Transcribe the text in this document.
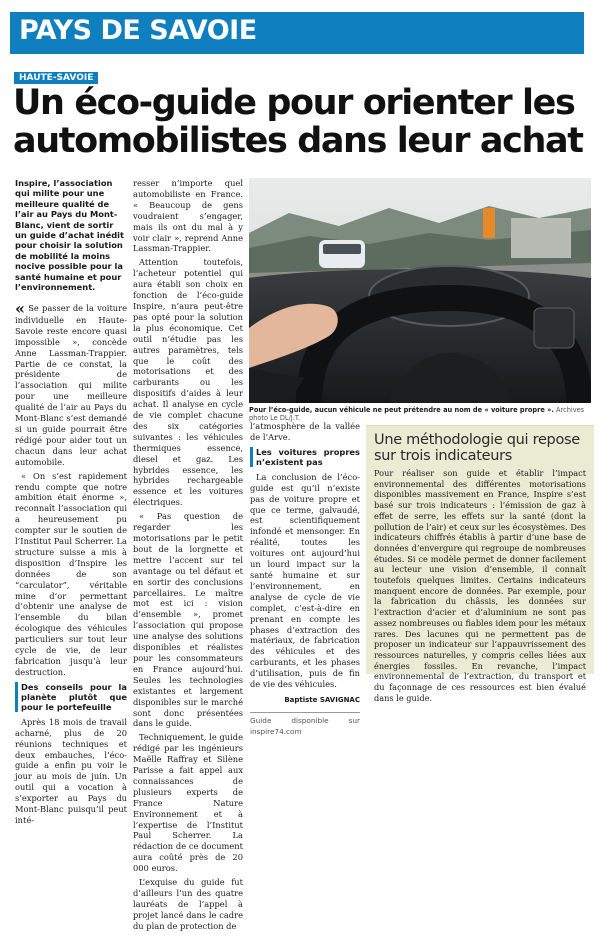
PAYS DE SAVOIE
HAUTE-SAVOIE
Un éco-guide pour orienter les
automobilistes dans leur achat
Inspire, l’association qui milite pour une meilleure qualité de l’air au Pays du Mont-Blanc, vient de sortir un guide d’achat inédit pour choisir la solution de mobilité la moins nocive possible pour la santé humaine et pour l’environnement.

« Se passer de la voiture individuelle en Haute-Savoie reste encore quasi impossible », concède Anne Lassman-Trappier. Partie de ce constat, la présidente de l’association qui milite pour une meilleure qualité de l’air au Pays du Mont-Blanc s’est demandé si un guide pourrait être rédigé pour aider tout un chacun dans leur achat automobile.

« On s’est rapidement rendu compte que notre ambition était énorme », reconnaît l’association qui a heureusement pu compter sur le soutien de l’Institut Paul Scherrer. La structure suisse a mis à disposition d’Inspire les données de son “carculator”, véritable mine d’or permettant d’obtenir une analyse de l’ensemble du bilan écologique des véhicules particuliers sur tout leur cycle de vie, de leur fabrication jusqu’à leur destruction.

Des conseils pour la planète plutôt que pour le portefeuille

Après 18 mois de travail acharné, plus de 20 réunions techniques et deux embauches, l’éco-guide a enfin pu voir le jour au mois de juin. Un outil qui a vocation à s’exporter au Pays du Mont-Blanc puisqu’il peut inté-

resser n’importe quel automobiliste en France. « Beaucoup de gens voudraient s’engager, mais ils ont du mal à y voir clair », reprend Anne Lassman-Trappier.

Attention toutefois, l’acheteur potentiel qui aura établi son choix en fonction de l’éco-guide Inspire, n’aura peut-être pas opté pour la solution la plus économique. Cet outil n’étudie pas les autres paramètres, tels que le coût des motorisations et des carburants ou les dispositifs d’aides à leur achat. Il analyse en cycle de vie complet chacune des six catégories suivantes : les véhicules thermiques essence, diesel et gaz. Les hybrides essence, les hybrides rechargeable essence et les voitures électriques.

« Pas question de regarder les motorisations par le petit bout de la lorgnette et mettre l’accent sur tel avantage ou tel défaut et en sortir des conclusions parcellaires. Le maître mot est ici : vision d’ensemble », promet l’association qui propose une analyse des solutions disponibles et réalistes pour les consommateurs en France aujourd’hui. Seules les technologies existantes et largement disponibles sur le marché sont donc présentées dans le guide.

Techniquement, le guide rédigé par les ingénieurs Maëlle Raffray et Silène Parisse a fait appel aux connaissances de plusieurs experts de France Nature Environnement et à l’expertise de l’Institut Paul Scherrer. La rédaction de ce document aura coûté près de 20 000 euros.

L’exquise du guide fut d’ailleurs l’un des quatre lauréats de l’appel à projet lancé dans le cadre du plan de protection de

Pour l’éco-guide, aucun véhicule ne peut prétendre au nom de « voiture propre ». Archives photo Le DL/J.T.

l’atmosphère de la vallée de l’Arve.

Les voitures propres n’existent pas

La conclusion de l’éco-guide est qu’il n’existe pas de voiture propre et que ce terme, galvaudé, est scientifiquement infondé et mensonger. En réalité, toutes les voitures ont aujourd’hui un lourd impact sur la santé humaine et sur l’environnement, en analyse de cycle de vie complet, c’est-à-dire en prenant en compte les phases d’extraction des matériaux, de fabrication des véhicules et des carburants, et les phases d’utilisation, puis de fin de vie des véhicules.

Baptiste SAVIGNAC
Guide disponible sur inspire74.com
Une méthodologie qui repose sur trois indicateurs
Pour réaliser son guide et établir l’impact environnemental des différentes motorisations disponibles massivement en France, Inspire s’est basé sur trois indicateurs : l’émission de gaz à effet de serre, les effets sur la santé (dont la pollution de l’air) et ceux sur les écosystèmes. Des indicateurs chiffrés établis à partir d’une base de données d’envergure qui regroupe de nombreuses études. Si ce modèle permet de donner facilement au lecteur une vision d’ensemble, il connaît toutefois quelques limites. Certains indicateurs manquent encore de données. Par exemple, pour la fabrication du châssis, les données sur l’extraction d’acier et d’aluminium ne sont pas assez nombreuses ou fiables idem pour les métaux rares. Des lacunes qui ne permettent pas de proposer un indicateur sur l’appauvrissement des ressources naturelles, y compris celles liées aux énergies fossiles. En revanche, l’impact environnemental de l’extraction, du transport et du façonnage de ces ressources est bien évalué dans le guide.
